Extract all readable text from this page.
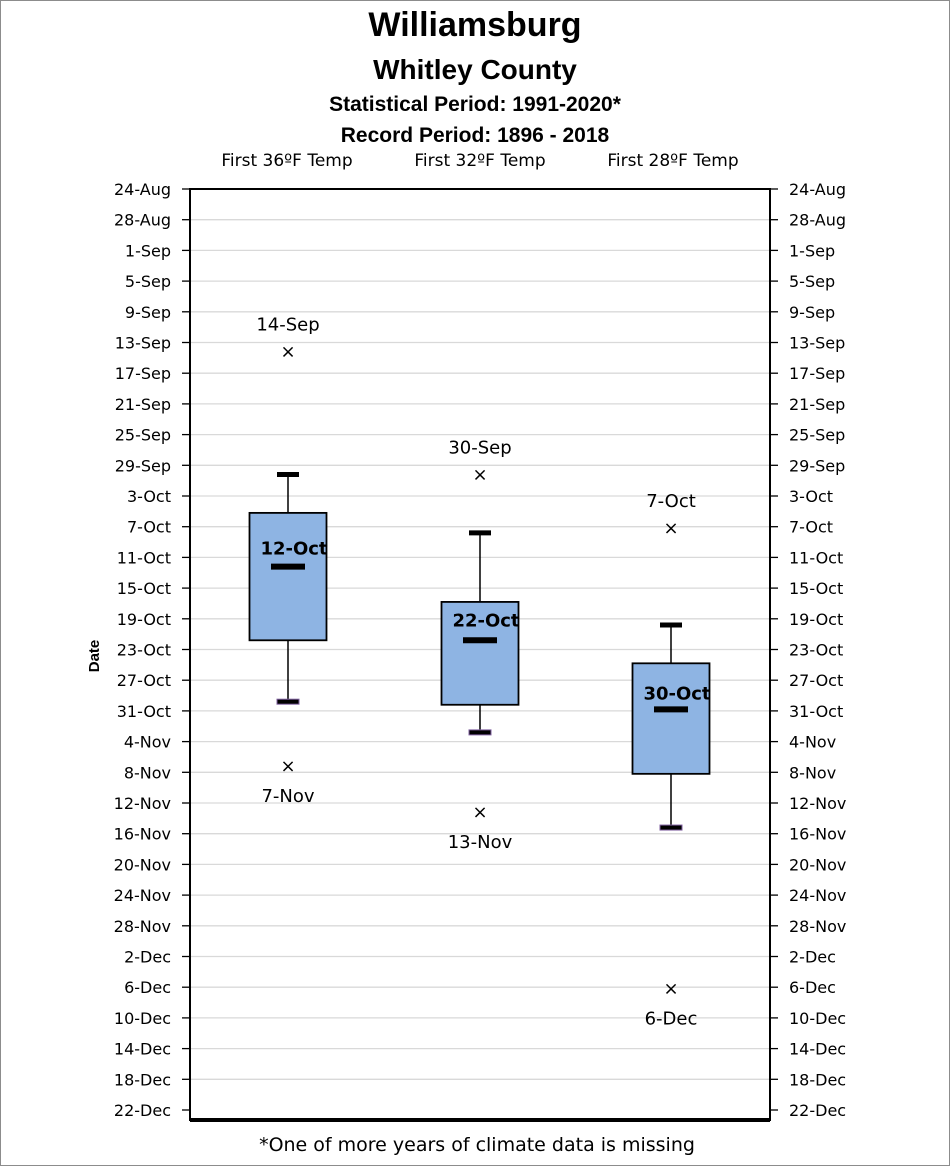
Williamsburg
Whitley County
Statistical Period: 1991-2020*
Record Period: 1896 - 2018
First 36ºF Temp	First 32ºF Temp	First 28ºF Temp
24-Aug	24-Aug
28-Aug	28-Aug
1-Sep	1-Sep
5-Sep	5-Sep
9-Sep	9-Sep
13-Sep	13-Sep
17-Sep	17-Sep
21-Sep	21-Sep
25-Sep	25-Sep
29-Sep	29-Sep
3-Oct	3-Oct
7-Oct	7-Oct
11-Oct	11-Oct
15-Oct	15-Oct
19-Oct	19-Oct
23-Oct	23-Oct
27-Oct	27-Oct
31-Oct	31-Oct
4-Nov	4-Nov
8-Nov	8-Nov
12-Nov	12-Nov
16-Nov	16-Nov
20-Nov	20-Nov
24-Nov	24-Nov
28-Nov	28-Nov
2-Dec	2-Dec
6-Dec	6-Dec
10-Dec	10-Dec
14-Dec	14-Dec
18-Dec	18-Dec
22-Dec	22-Dec
Date
12-Oct
×
14-Sep
×
7-Nov
22-Oct
×
30-Sep
×
13-Nov
30-Oct
×
7-Oct
×
6-Dec
*One of more years of climate data is missing
